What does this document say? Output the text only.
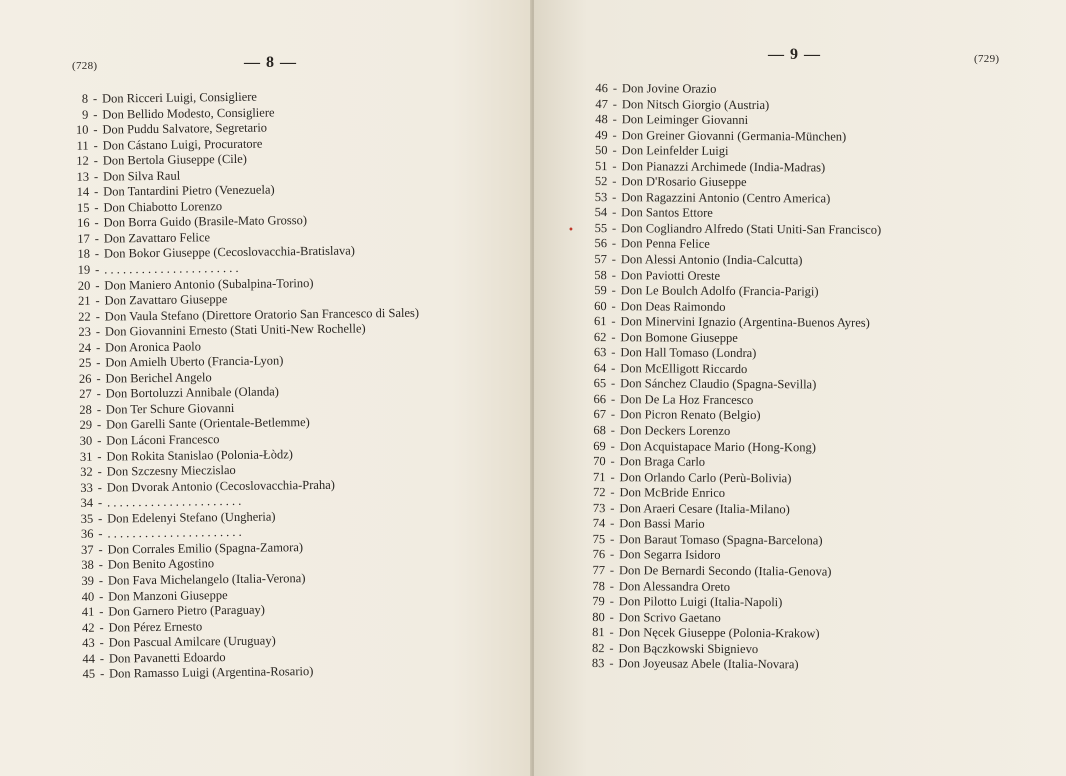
(728)	— 8 —
8 - Don Ricceri Luigi, Consigliere
9 - Don Bellido Modesto, Consigliere
10 - Don Puddu Salvatore, Segretario
11 - Don Cástano Luigi, Procuratore
12 - Don Bertola Giuseppe (Cile)
13 - Don Silva Raul
14 - Don Tantardini Pietro (Venezuela)
15 - Don Chiabotto Lorenzo
16 - Don Borra Guido (Brasile-Mato Grosso)
17 - Don Zavattaro Felice
18 - Don Bokor Giuseppe (Cecoslovacchia-Bratislava)
19 - . . . . . . . . . . . . . . . . . . . . . .
20 - Don Maniero Antonio (Subalpina-Torino)
21 - Don Zavattaro Giuseppe
22 - Don Vaula Stefano (Direttore Oratorio San Francesco di Sales)
23 - Don Giovannini Ernesto (Stati Uniti-New Rochelle)
24 - Don Aronica Paolo
25 - Don Amielh Uberto (Francia-Lyon)
26 - Don Berichel Angelo
27 - Don Bortoluzzi Annibale (Olanda)
28 - Don Ter Schure Giovanni
29 - Don Garelli Sante (Orientale-Betlemme)
30 - Don Láconi Francesco
31 - Don Rokita Stanislao (Polonia-Łòdz)
32 - Don Szczesny Mieczislao
33 - Don Dvorak Antonio (Cecoslovacchia-Praha)
34 - . . . . . . . . . . . . . . . . . . . . . .
35 - Don Edelenyi Stefano (Ungheria)
36 - . . . . . . . . . . . . . . . . . . . . . .
37 - Don Corrales Emilio (Spagna-Zamora)
38 - Don Benito Agostino
39 - Don Fava Michelangelo (Italia-Verona)
40 - Don Manzoni Giuseppe
41 - Don Garnero Pietro (Paraguay)
42 - Don Pérez Ernesto
43 - Don Pascual Amilcare (Uruguay)
44 - Don Pavanetti Edoardo
45 - Don Ramasso Luigi (Argentina-Rosario)
— 9 —	(729)
•
46 - Don Jovine Orazio
47 - Don Nitsch Giorgio (Austria)
48 - Don Leiminger Giovanni
49 - Don Greiner Giovanni (Germania-München)
50 - Don Leinfelder Luigi
51 - Don Pianazzi Archimede (India-Madras)
52 - Don D'Rosario Giuseppe
53 - Don Ragazzini Antonio (Centro America)
54 - Don Santos Ettore
55 - Don Cogliandro Alfredo (Stati Uniti-San Francisco)
56 - Don Penna Felice
57 - Don Alessi Antonio (India-Calcutta)
58 - Don Paviotti Oreste
59 - Don Le Boulch Adolfo (Francia-Parigi)
60 - Don Deas Raimondo
61 - Don Minervini Ignazio (Argentina-Buenos Ayres)
62 - Don Bomone Giuseppe
63 - Don Hall Tomaso (Londra)
64 - Don McElligott Riccardo
65 - Don Sánchez Claudio (Spagna-Sevilla)
66 - Don De La Hoz Francesco
67 - Don Picron Renato (Belgio)
68 - Don Deckers Lorenzo
69 - Don Acquistapace Mario (Hong-Kong)
70 - Don Braga Carlo
71 - Don Orlando Carlo (Perù-Bolivia)
72 - Don McBride Enrico
73 - Don Araeri Cesare (Italia-Milano)
74 - Don Bassi Mario
75 - Don Baraut Tomaso (Spagna-Barcelona)
76 - Don Segarra Isidoro
77 - Don De Bernardi Secondo (Italia-Genova)
78 - Don Alessandra Oreto
79 - Don Pilotto Luigi (Italia-Napoli)
80 - Don Scrivo Gaetano
81 - Don Nęcek Giuseppe (Polonia-Krakow)
82 - Don Bączkowski Sbignievo
83 - Don Joyeusaz Abele (Italia-Novara)
